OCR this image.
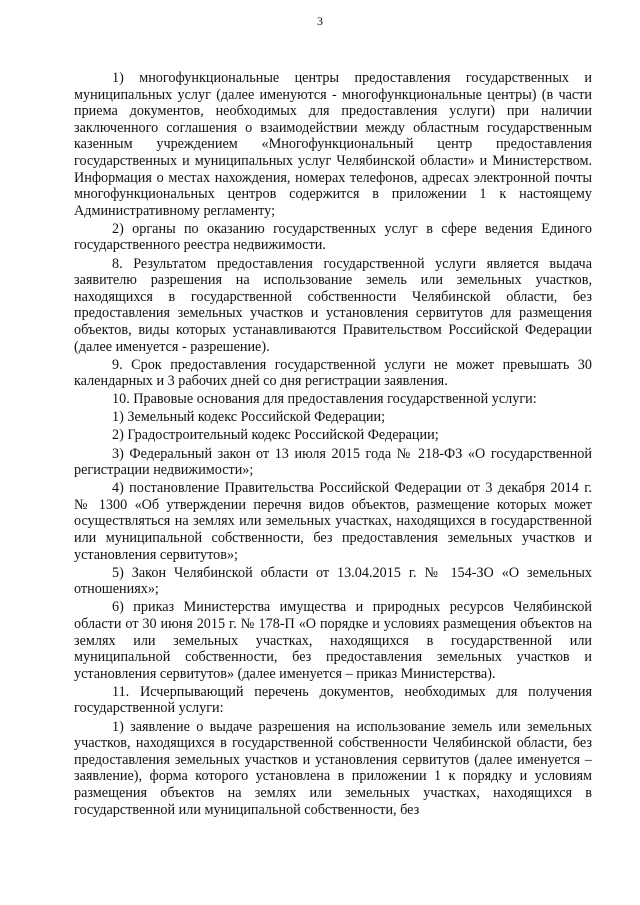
3

1) многофункциональные центры предоставления государственных и муниципальных услуг (далее именуются - многофункциональные центры) (в части приема документов, необходимых для предоставления услуги) при наличии заключенного соглашения о взаимодействии между областным государственным казенным учреждением «Многофункциональный центр предоставления государственных и муниципальных услуг Челябинской области» и Министерством. Информация о местах нахождения, номерах телефонов, адресах электронной почты многофункциональных центров содержится в приложении 1 к настоящему Административному регламенту;

2) органы по оказанию государственных услуг в сфере ведения Единого государственного реестра недвижимости.

8. Результатом предоставления государственной услуги является выдача заявителю разрешения на использование земель или земельных участков, находящихся в государственной собственности Челябинской области, без предоставления земельных участков и установления сервитутов для размещения объектов, виды которых устанавливаются Правительством Российской Федерации (далее именуется - разрешение).

9. Срок предоставления государственной услуги не может превышать 30 календарных и 3 рабочих дней со дня регистрации заявления.

10. Правовые основания для предоставления государственной услуги:

1) Земельный кодекс Российской Федерации;

2) Градостроительный кодекс Российской Федерации;

3) Федеральный закон от 13 июля 2015 года № 218-ФЗ «О государственной регистрации недвижимости»;

4) постановление Правительства Российской Федерации от 3 декабря 2014 г. № 1300 «Об утверждении перечня видов объектов, размещение которых может осуществляться на землях или земельных участках, находящихся в государственной или муниципальной собственности, без предоставления земельных участков и установления сервитутов»;

5) Закон Челябинской области от 13.04.2015 г. № 154-ЗО «О земельных отношениях»;

6) приказ Министерства имущества и природных ресурсов Челябинской области от 30 июня 2015 г. № 178-П «О порядке и условиях размещения объектов на землях или земельных участках, находящихся в государственной или муниципальной собственности, без предоставления земельных участков и установления сервитутов» (далее именуется – приказ Министерства).

11. Исчерпывающий перечень документов, необходимых для получения государственной услуги:

1) заявление о выдаче разрешения на использование земель или земельных участков, находящихся в государственной собственности Челябинской области, без предоставления земельных участков и установления сервитутов (далее именуется – заявление), форма которого установлена в приложении 1 к порядку и условиям размещения объектов на землях или земельных участках, находящихся в государственной или муниципальной собственности, без
